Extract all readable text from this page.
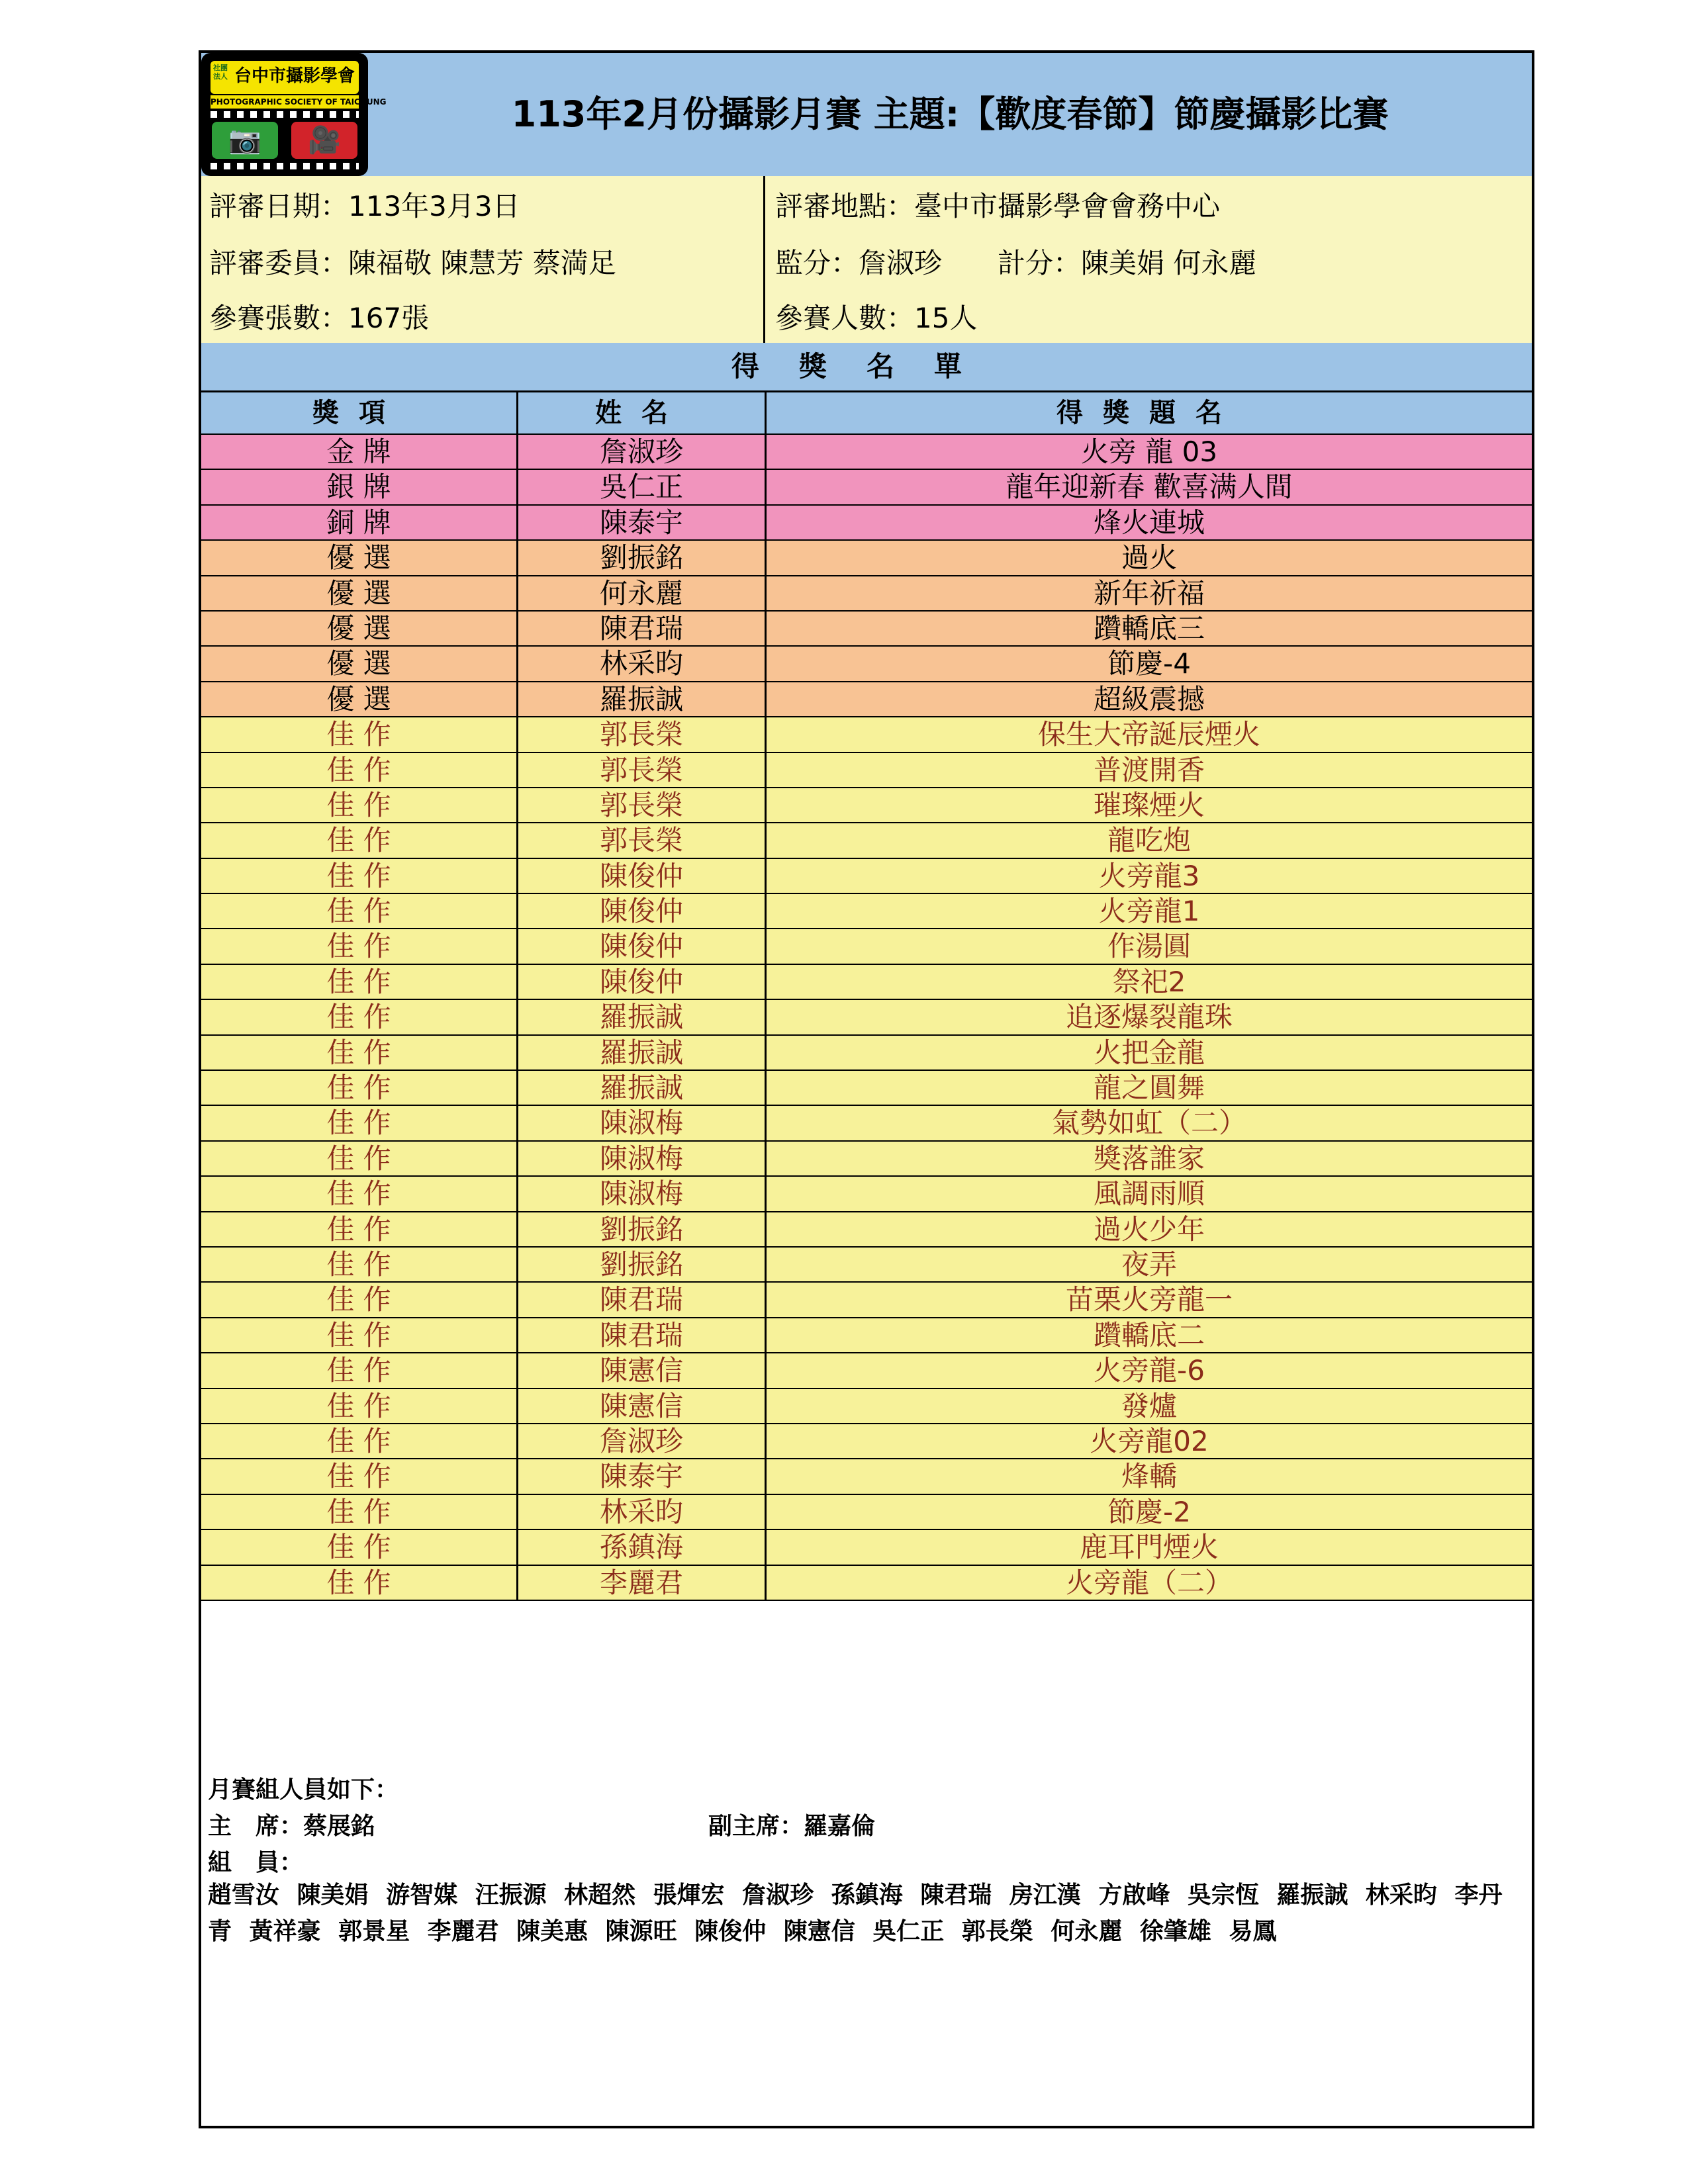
社團法人 台中市攝影學會
PHOTOGRAPHIC SOCIETY OF TAICHUNG
📷	🎥
113年2月份攝影月賽 主題:【歡度春節】節慶攝影比賽
評審日期：113年3月3日	評審地點：臺中市攝影學會會務中心
評審委員：陳福敬 陳慧芳 蔡満足	監分：詹淑珍　　計分：陳美娟 何永麗
參賽張數：167張	參賽人數：15人
得獎名單
獎項	姓名	得獎題名
金 牌	詹淑珍	火旁 龍 03
銀 牌	吳仁正	龍年迎新春 歡喜满人間
銅 牌	陳泰宇	烽火連城
優 選	劉振銘	過火
優 選	何永麗	新年祈福
優 選	陳君瑞	躦轎底三
優 選	林采昀	節慶-4
優 選	羅振誠	超級震撼
佳 作	郭長榮	保生大帝誕辰煙火
佳 作	郭長榮	普渡開香
佳 作	郭長榮	璀璨煙火
佳 作	郭長榮	龍吃炮
佳 作	陳俊仲	火旁龍3
佳 作	陳俊仲	火旁龍1
佳 作	陳俊仲	作湯圓
佳 作	陳俊仲	祭祀2
佳 作	羅振誠	追逐爆裂龍珠
佳 作	羅振誠	火把金龍
佳 作	羅振誠	龍之圓舞
佳 作	陳淑梅	氣勢如虹（二）
佳 作	陳淑梅	獎落誰家
佳 作	陳淑梅	風調雨順
佳 作	劉振銘	過火少年
佳 作	劉振銘	夜弄
佳 作	陳君瑞	苗栗火旁龍一
佳 作	陳君瑞	躦轎底二
佳 作	陳憲信	火旁龍-6
佳 作	陳憲信	發爐
佳 作	詹淑珍	火旁龍02
佳 作	陳泰宇	烽轎
佳 作	林采昀	節慶-2
佳 作	孫鎮海	鹿耳門煙火
佳 作	李麗君	火旁龍（二）
月賽組人員如下：
主　席：蔡展銘	副主席：羅嘉倫
組　員：
趙雪汝 陳美娟 游智媒 汪振源 林超然 張煇宏 詹淑珍 孫鎮海 陳君瑞 房江漢 方啟峰 吳宗恆 羅振誠 林采昀 李丹青 黃祥豪 郭景星 李麗君 陳美惠 陳源旺 陳俊仲 陳憲信 吳仁正 郭長榮 何永麗 徐肇雄 易鳳
